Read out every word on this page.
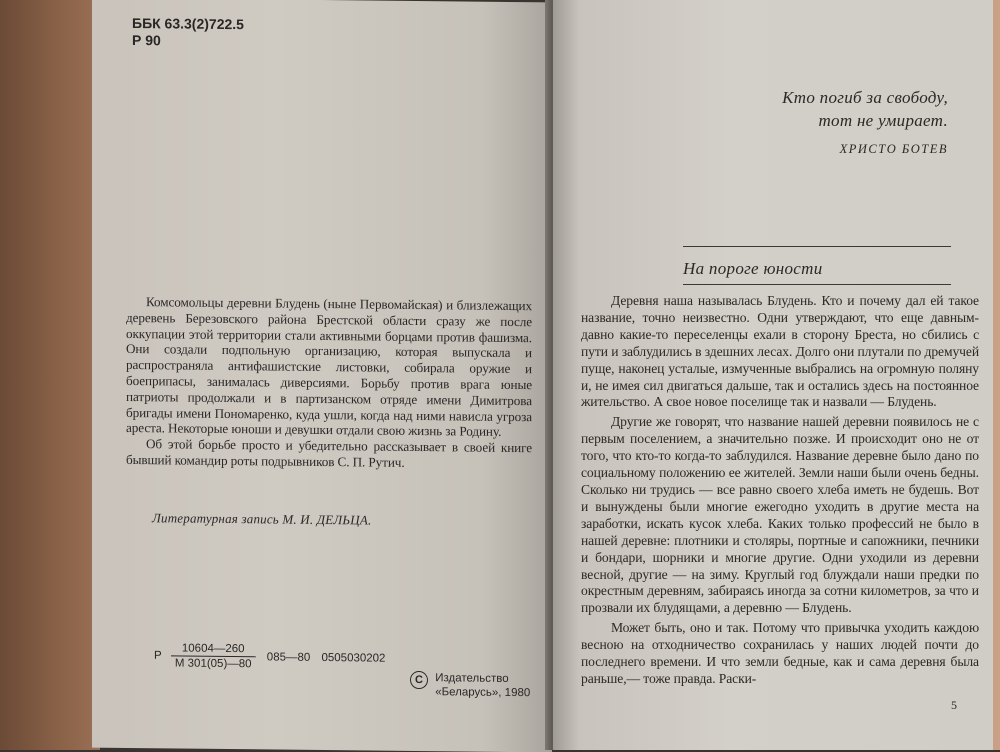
ББК 63.3(2)722.5
Р 90

Комсомольцы деревни Блудень (ныне Первомайская) и близлежащих деревень Березовского района Брестской области сразу же после оккупации этой территории стали активными борцами против фашизма. Они создали подпольную организацию, которая выпускала и распространяла антифашистские листовки, собирала оружие и боеприпасы, занималась диверсиями. Борьбу против врага юные патриоты продолжали и в партизанском отряде имени Димитрова бригады имени Пономаренко, куда ушли, когда над ними нависла угроза ареста. Некоторые юноши и девушки отдали свою жизнь за Родину.

Об этой борьбе просто и убедительно рассказывает в своей книге бывший командир роты подрывников С. П. Рутич.

Литературная запись М. И. ДЕЛЬЦА.
Р $\frac{10604—260}{М 301(05)—80}$ 085—80 0505030202
C Издательство
«Беларусь», 1980
Кто погиб за свободу,
тот не умирает.
ХРИСТО БОТЕВ
На пороге юности

Деревня наша называлась Блудень. Кто и почему дал ей такое название, точно неизвестно. Одни утверждают, что еще давным-давно какие-то переселенцы ехали в сторону Бреста, но сбились с пути и заблудились в здешних лесах. Долго они плутали по дремучей пуще, наконец усталые, измученные выбрались на огромную поляну и, не имея сил двигаться дальше, так и остались здесь на постоянное жительство. А свое новое поселище так и назвали — Блудень.

Другие же говорят, что название нашей деревни появилось не с первым поселением, а значительно позже. И происходит оно не от того, что кто-то когда-то заблудился. Название деревне было дано по социальному положению ее жителей. Земли наши были очень бедны. Сколько ни трудись — все равно своего хлеба иметь не будешь. Вот и вынуждены были многие ежегодно уходить в другие места на заработки, искать кусок хлеба. Каких только профессий не было в нашей деревне: плотники и столяры, портные и сапожники, печники и бондари, шорники и многие другие. Одни уходили из деревни весной, другие — на зиму. Круглый год блуждали наши предки по окрестным деревням, забираясь иногда за сотни километров, за что и прозвали их блудящами, а деревню — Блудень.

Может быть, оно и так. Потому что привычка уходить каждою весною на отходничество сохранилась у наших людей почти до последнего времени. И что земли бедные, как и сама деревня была раньше,— тоже правда. Раски-

5
